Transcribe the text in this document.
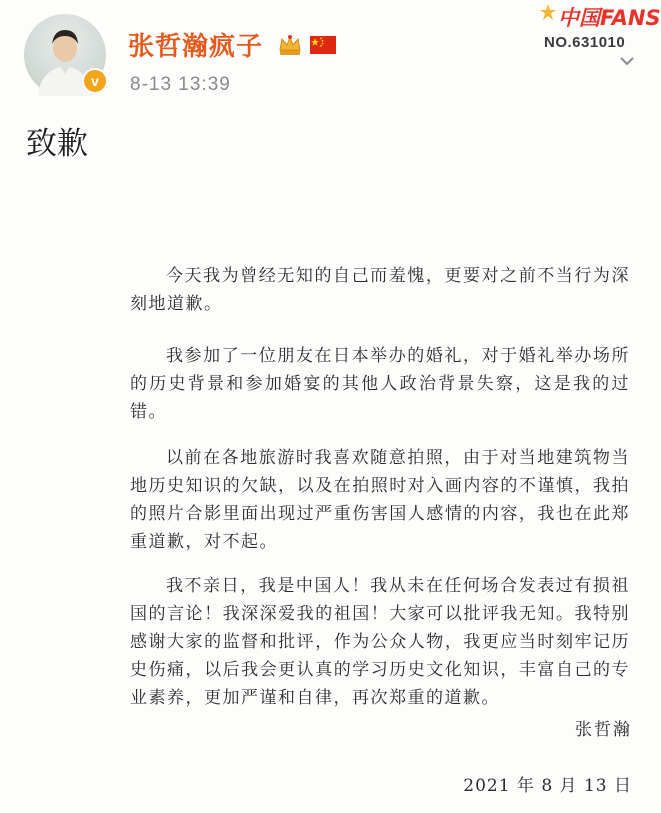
v
张哲瀚疯子
8-13 13:39
中国FANS
NO.631010
致歉
今天我为曾经无知的自己而羞愧，更要对之前不当行为深刻地道歉。
我参加了一位朋友在日本举办的婚礼，对于婚礼举办场所的历史背景和参加婚宴的其他人政治背景失察，这是我的过错。
以前在各地旅游时我喜欢随意拍照，由于对当地建筑物当地历史知识的欠缺，以及在拍照时对入画内容的不谨慎，我拍的照片合影里面出现过严重伤害国人感情的内容，我也在此郑重道歉，对不起。
我不亲日，我是中国人！我从未在任何场合发表过有损祖国的言论！我深深爱我的祖国！大家可以批评我无知。我特别感谢大家的监督和批评，作为公众人物，我更应当时刻牢记历史伤痛，以后我会更认真的学习历史文化知识，丰富自己的专业素养，更加严谨和自律，再次郑重的道歉。
张哲瀚
2021 年 8 月 13 日
